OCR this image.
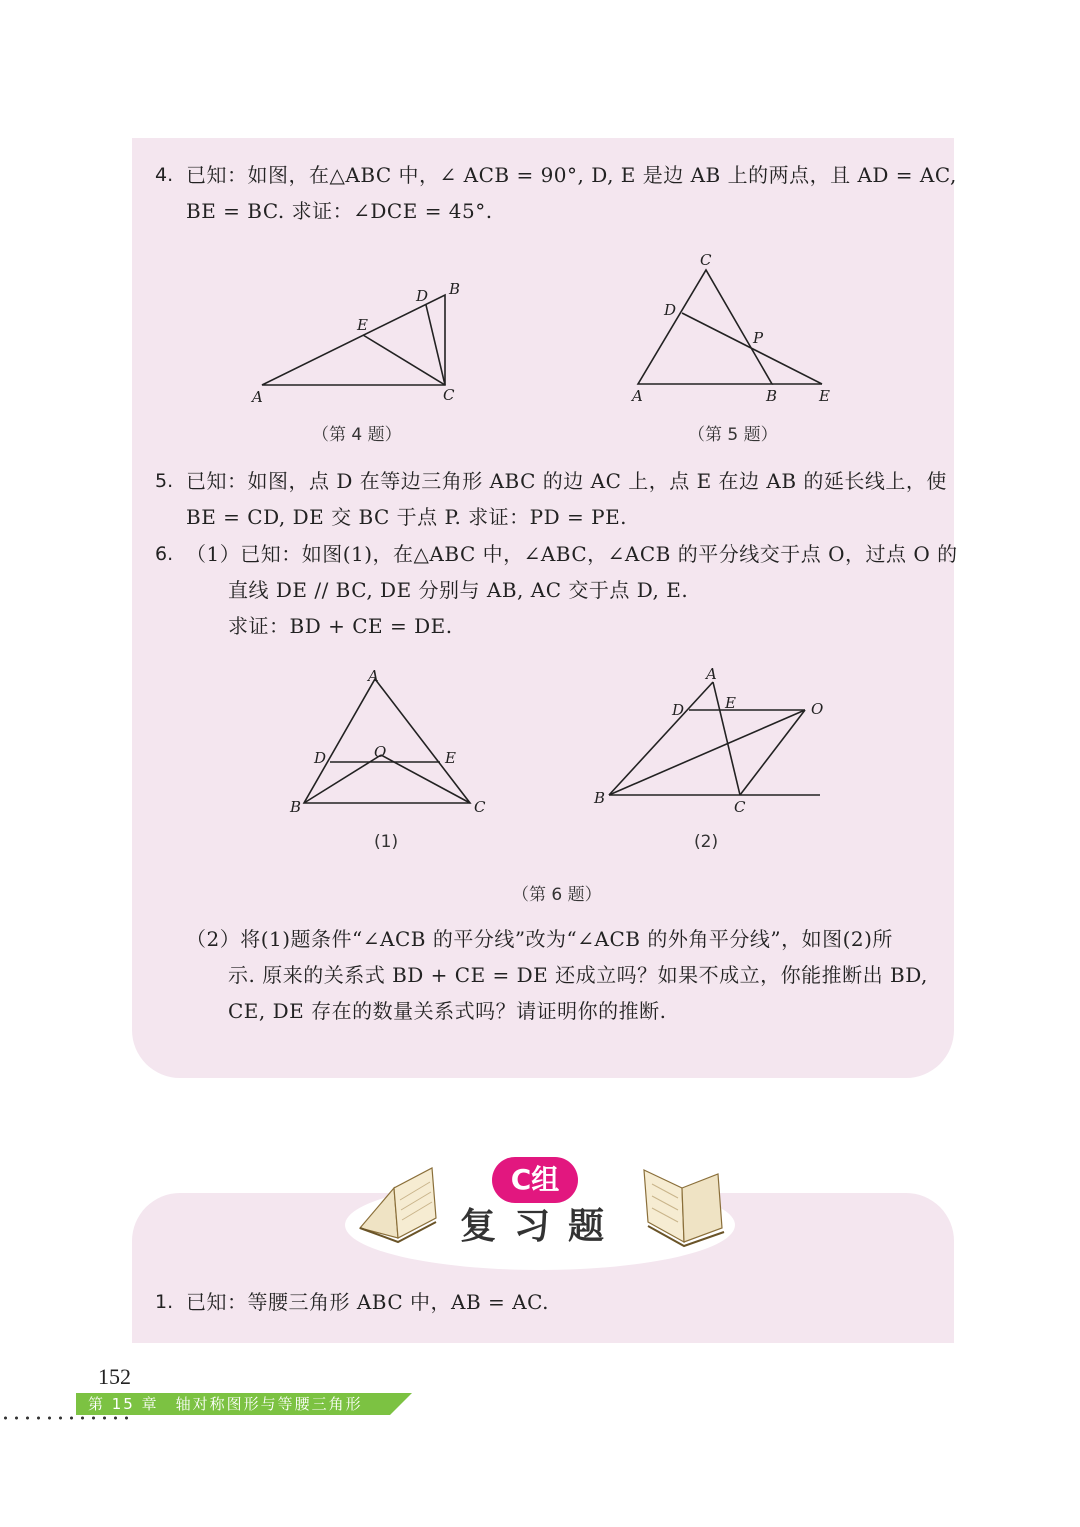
4. 已知：如图，在△ABC 中，∠ ACB = 90°, D, E 是边 AB 上的两点，且 AD = AC,
BE = BC. 求证：∠DCE = 45°.
A
B
C
D
E
（第 4 题）
A	B
C
D
E
P
（第 5 题）
5. 已知：如图，点 D 在等边三角形 ABC 的边 AC 上，点 E 在边 AB 的延长线上，使
BE = CD, DE 交 BC 于点 P. 求证：PD = PE.
6. （1）已知：如图(1)，在△ABC 中，∠ABC，∠ACB 的平分线交于点 O，过点 O 的
直线 DE // BC, DE 分别与 AB, AC 交于点 D, E.
求证：BD + CE = DE.
A
B	C
D	E
O
(1)
A
B	C
D	E	O
(2)
（第 6 题）
（2）将(1)题条件“∠ACB 的平分线”改为“∠ACB 的外角平分线”，如图(2)所
示. 原来的关系式 BD + CE = DE 还成立吗？如果不成立，你能推断出 BD,
CE, DE 存在的数量关系式吗？请证明你的推断.
C组
复习题
1. 已知：等腰三角形 ABC 中，AB = AC.
152
第 15 章　轴对称图形与等腰三角形
